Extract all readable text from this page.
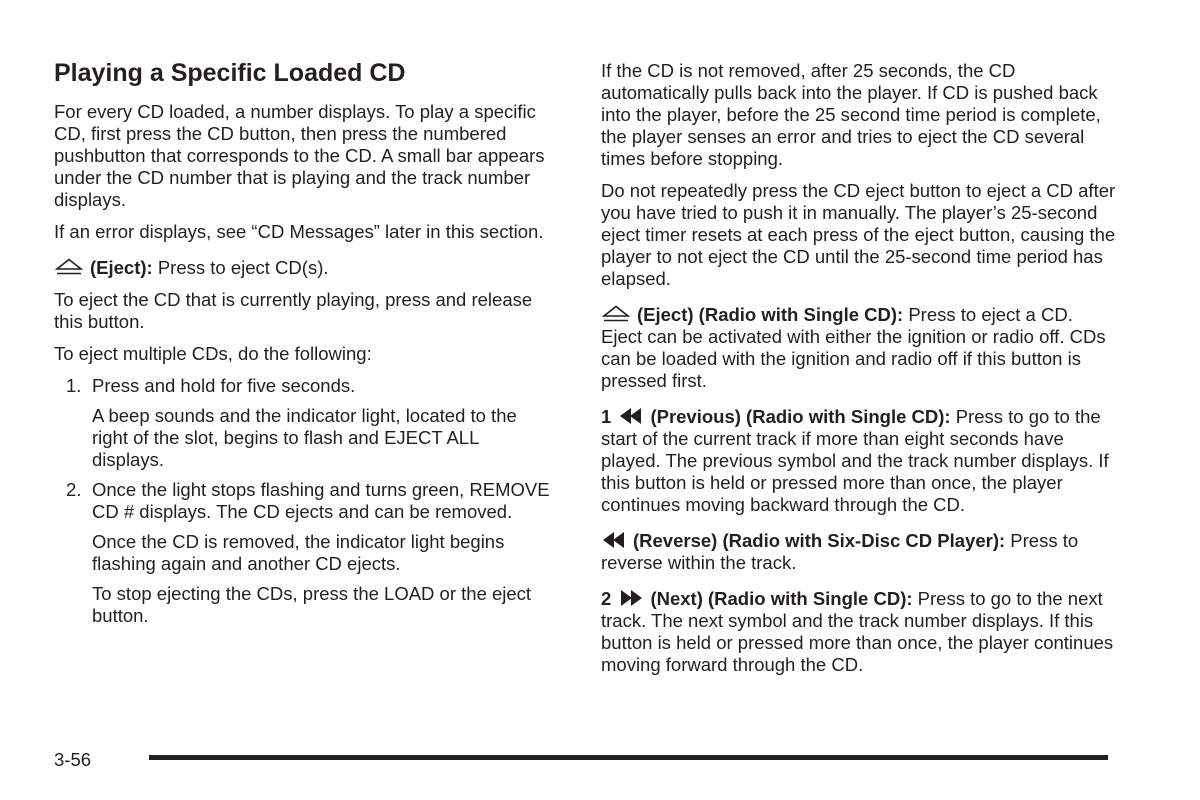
Playing a Specific Loaded CD

For every CD loaded, a number displays. To play a specific CD, first press the CD button, then press the numbered pushbutton that corresponds to the CD. A small bar appears under the CD number that is playing and the track number displays.

If an error displays, see “CD Messages” later in this section.

(Eject): Press to eject CD(s).

To eject the CD that is currently playing, press and release this button.

To eject multiple CDs, do the following:

1. Press and hold for five seconds.

A beep sounds and the indicator light, located to the right of the slot, begins to flash and EJECT ALL displays.

2. Once the light stops flashing and turns green, REMOVE CD # displays. The CD ejects and can be removed.

Once the CD is removed, the indicator light begins flashing again and another CD ejects.

To stop ejecting the CDs, press the LOAD or the eject button.

If the CD is not removed, after 25 seconds, the CD automatically pulls back into the player. If CD is pushed back into the player, before the 25 second time period is complete, the player senses an error and tries to eject the CD several times before stopping.

Do not repeatedly press the CD eject button to eject a CD after you have tried to push it in manually. The player’s 25-second eject timer resets at each press of the eject button, causing the player to not eject the CD until the 25-second time period has elapsed.

(Eject) (Radio with Single CD): Press to eject a CD. Eject can be activated with either the ignition or radio off. CDs can be loaded with the ignition and radio off if this button is pressed first.

1 (Previous) (Radio with Single CD): Press to go to the start of the current track if more than eight seconds have played. The previous symbol and the track number displays. If this button is held or pressed more than once, the player continues moving backward through the CD.

(Reverse) (Radio with Six-Disc CD Player): Press to reverse within the track.

2 (Next) (Radio with Single CD): Press to go to the next track. The next symbol and the track number displays. If this button is held or pressed more than once, the player continues moving forward through the CD.

3-56
